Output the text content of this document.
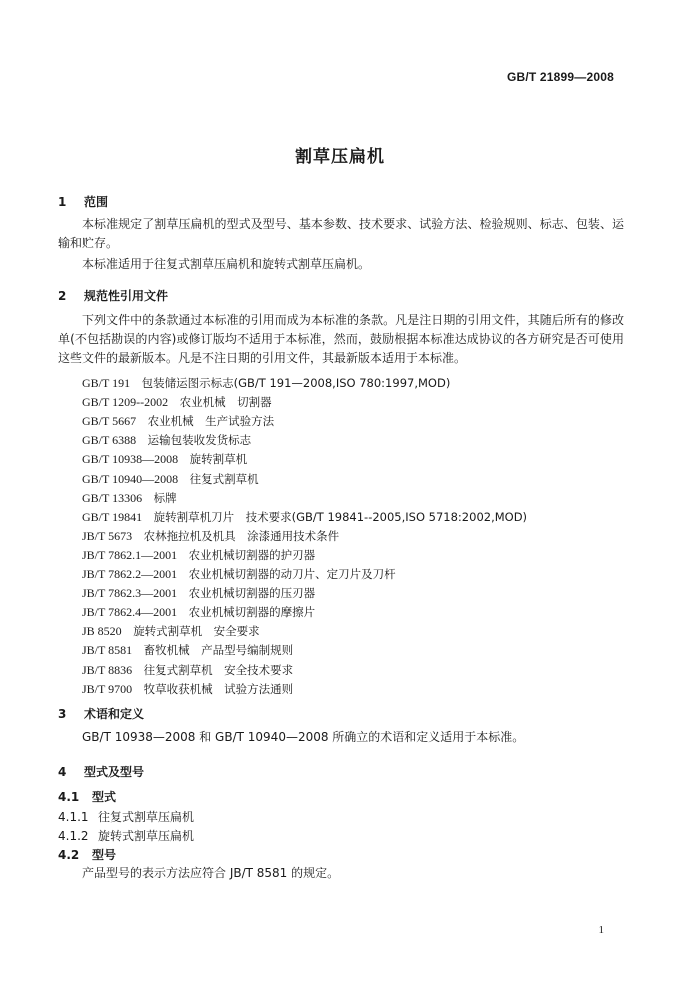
GB/T 21899—2008
割草压扁机
1 范围
本标准规定了割草压扁机的型式及型号、基本参数、技术要求、试验方法、检验规则、标志、包装、运输和贮存。
本标准适用于往复式割草压扁机和旋转式割草压扁机。
2 规范性引用文件
下列文件中的条款通过本标准的引用而成为本标准的条款。凡是注日期的引用文件，其随后所有的修改单(不包括勘误的内容)或修订版均不适用于本标准，然而，鼓励根据本标准达成协议的各方研究是否可使用这些文件的最新版本。凡是不注日期的引用文件，其最新版本适用于本标准。
GB/T 191　 包装储运图示标志(GB/T 191—2008,ISO 780:1997,MOD)
GB/T 1209--2002　 农业机械　切割器
GB/T 5667　 农业机械　生产试验方法
GB/T 6388　 运输包装收发货标志
GB/T 10938—2008　 旋转割草机
GB/T 10940—2008　 往复式割草机
GB/T 13306　 标牌
GB/T 19841　 旋转割草机刀片　技术要求(GB/T 19841--2005,ISO 5718:2002,MOD)
JB/T 5673　 农林拖拉机及机具　涂漆通用技术条件
JB/T 7862.1—2001　 农业机械切割器的护刃器
JB/T 7862.2—2001　 农业机械切割器的动刀片、定刀片及刀杆
JB/T 7862.3—2001　 农业机械切割器的压刃器
JB/T 7862.4—2001　 农业机械切割器的摩擦片
JB 8520　 旋转式割草机　安全要求
JB/T 8581　 畜牧机械　产品型号编制规则
JB/T 8836　 往复式割草机　安全技术要求
JB/T 9700　 牧草收获机械　试验方法通则
3 术语和定义
GB/T 10938—2008 和 GB/T 10940—2008 所确立的术语和定义适用于本标准。
4 型式及型号
4.1 型式
4.1.1 往复式割草压扁机
4.1.2 旋转式割草压扁机
4.2 型号
产品型号的表示方法应符合 JB/T 8581 的规定。
1
